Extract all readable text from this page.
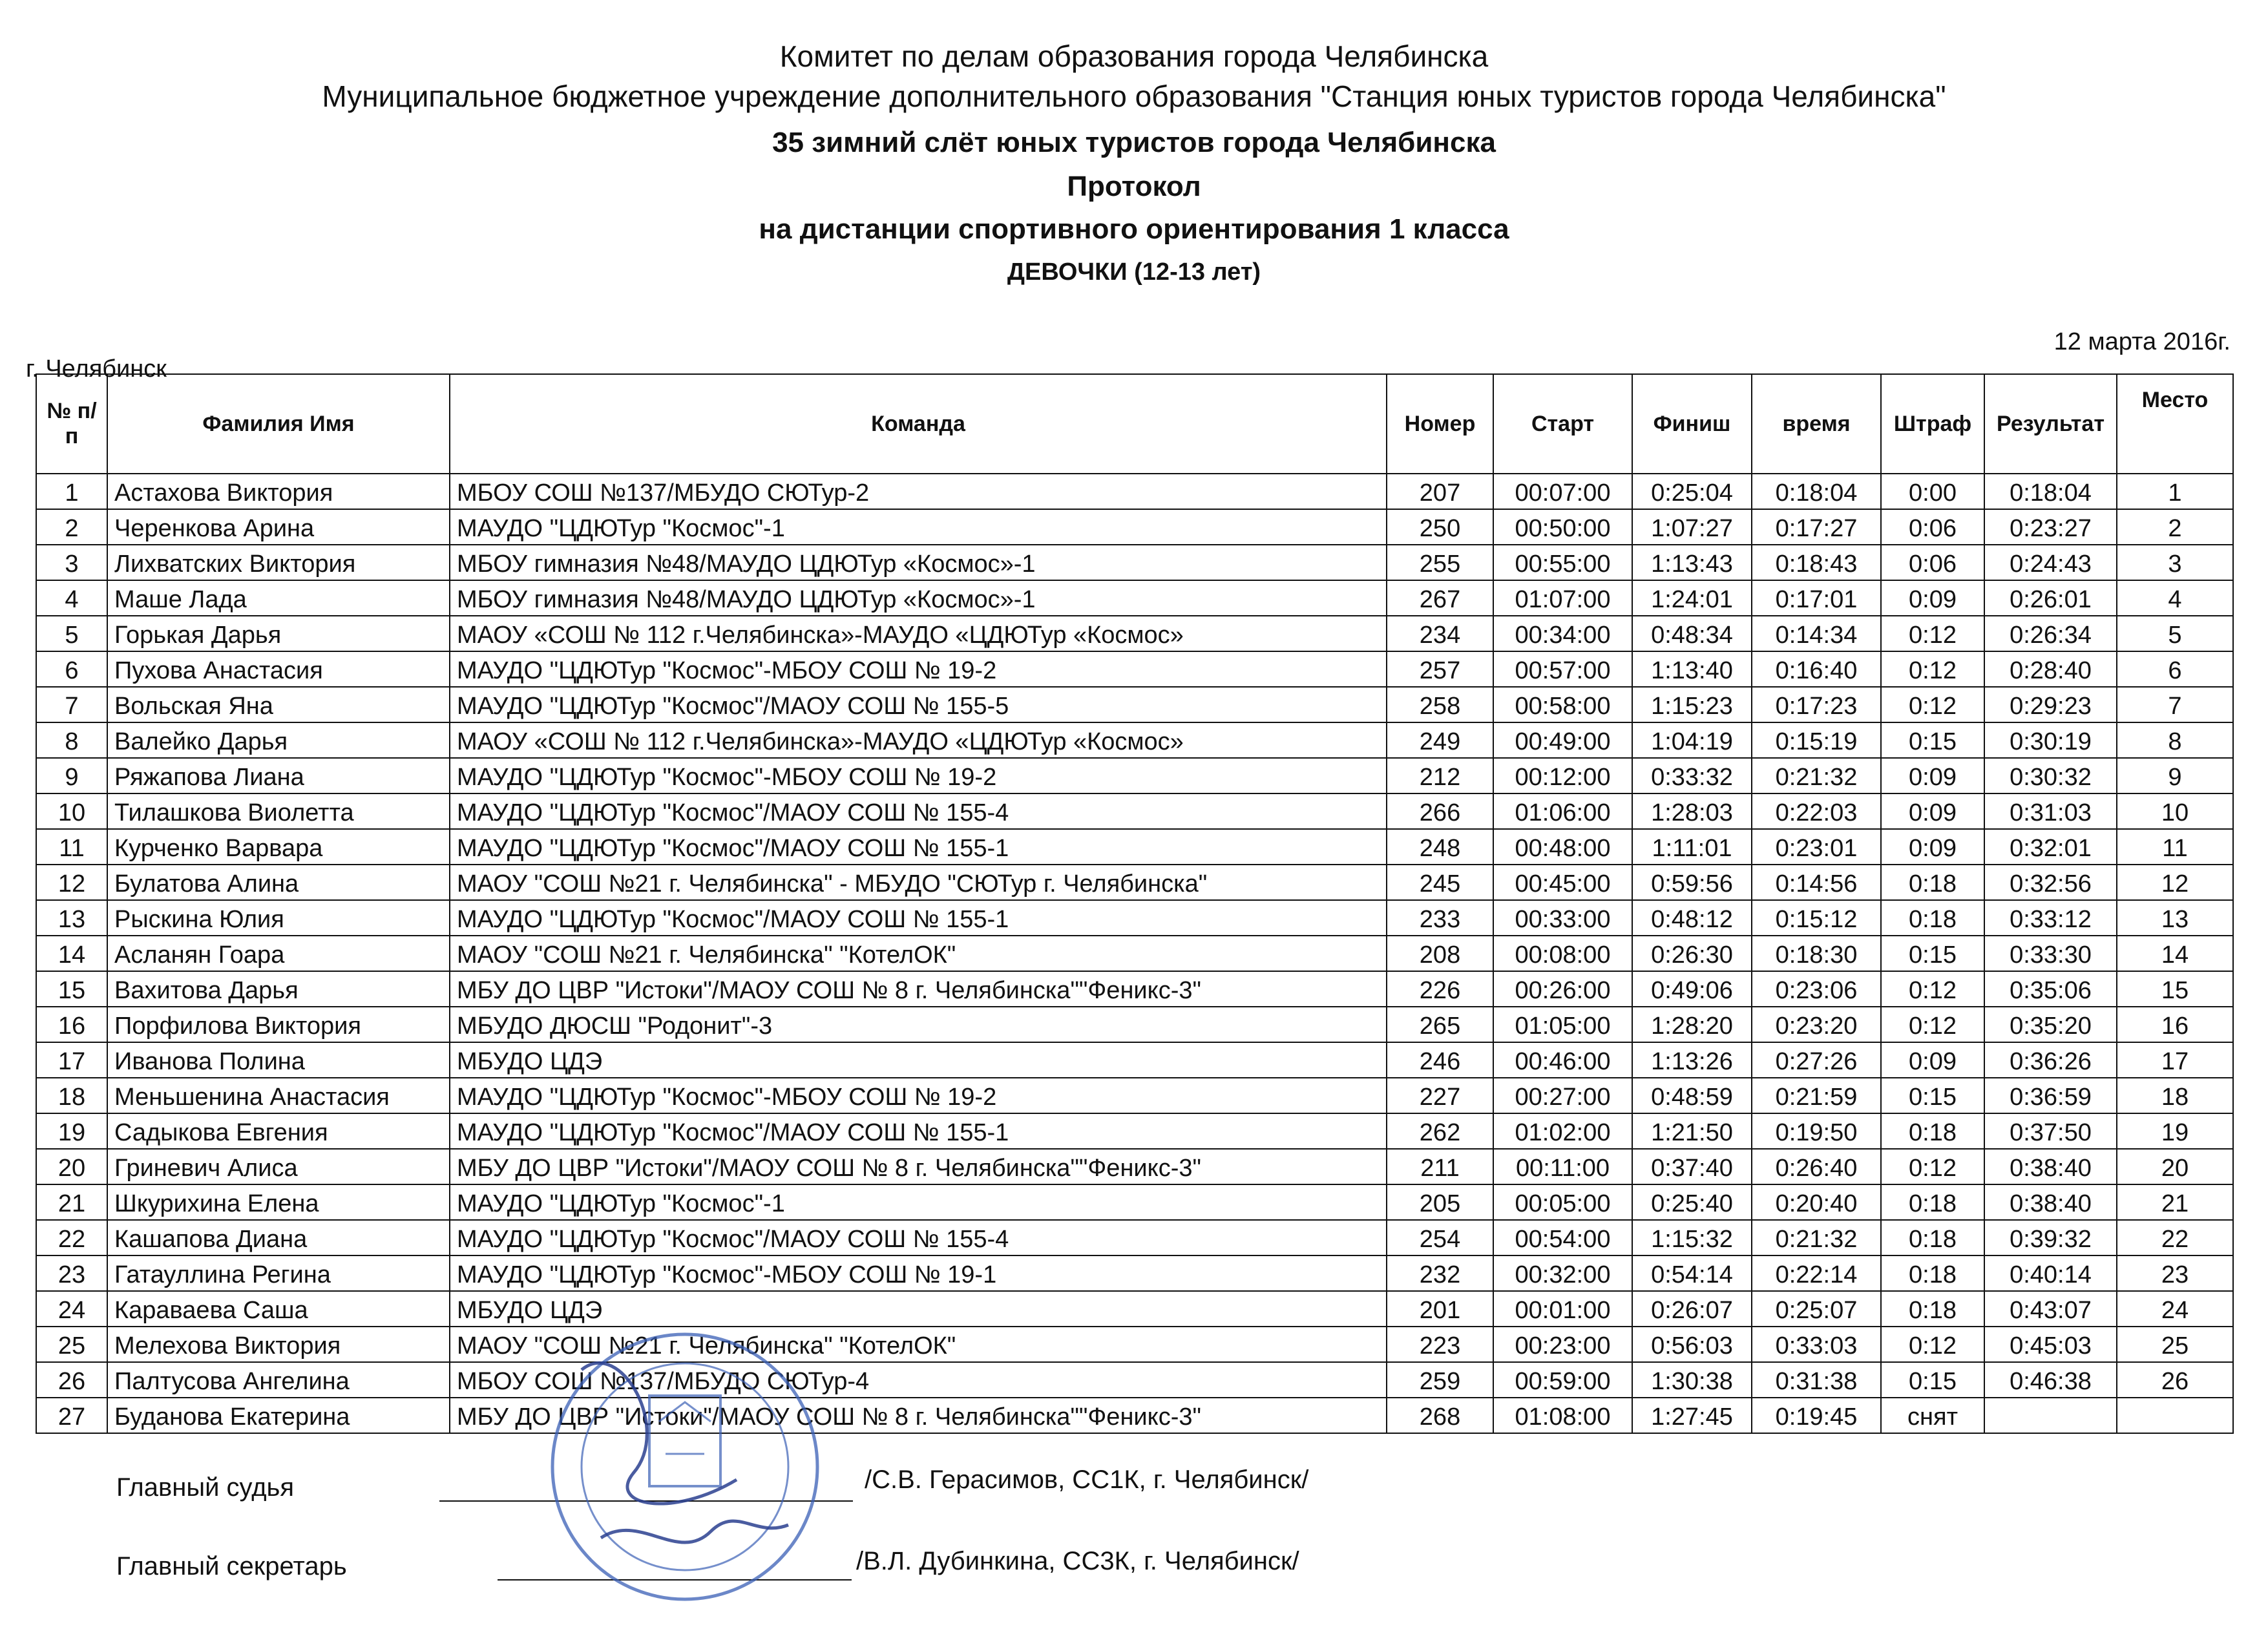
Комитет по делам образования города Челябинска
Муниципальное бюджетное учреждение дополнительного образования "Станция юных туристов города Челябинска"
35 зимний слёт юных туристов города Челябинска
Протокол
на дистанции спортивного ориентирования 1 класса
ДЕВОЧКИ (12-13 лет)
г. Челябинск
12 марта 2016г.
№ п/п	Фамилия Имя	Команда	Номер	Старт	Финиш	время	Штраф	Результат	Место
1	Астахова Виктория	МБОУ СОШ №137/МБУДО СЮТур-2	207	00:07:00	0:25:04	0:18:04	0:00	0:18:04	1
2	Черенкова Арина	МАУДО "ЦДЮТур "Космос"-1	250	00:50:00	1:07:27	0:17:27	0:06	0:23:27	2
3	Лихватских Виктория	МБОУ гимназия №48/МАУДО ЦДЮТур «Космос»-1	255	00:55:00	1:13:43	0:18:43	0:06	0:24:43	3
4	Маше Лада	МБОУ гимназия №48/МАУДО ЦДЮТур «Космос»-1	267	01:07:00	1:24:01	0:17:01	0:09	0:26:01	4
5	Горькая Дарья	МАОУ «СОШ № 112 г.Челябинска»-МАУДО «ЦДЮТур «Космос»	234	00:34:00	0:48:34	0:14:34	0:12	0:26:34	5
6	Пухова Анастасия	МАУДО "ЦДЮТур "Космос"-МБОУ СОШ № 19-2	257	00:57:00	1:13:40	0:16:40	0:12	0:28:40	6
7	Вольская Яна	МАУДО "ЦДЮТур "Космос"/МАОУ СОШ № 155-5	258	00:58:00	1:15:23	0:17:23	0:12	0:29:23	7
8	Валейко Дарья	МАОУ «СОШ № 112 г.Челябинска»-МАУДО «ЦДЮТур «Космос»	249	00:49:00	1:04:19	0:15:19	0:15	0:30:19	8
9	Ряжапова Лиана	МАУДО "ЦДЮТур "Космос"-МБОУ СОШ № 19-2	212	00:12:00	0:33:32	0:21:32	0:09	0:30:32	9
10	Тилашкова Виолетта	МАУДО "ЦДЮТур "Космос"/МАОУ СОШ № 155-4	266	01:06:00	1:28:03	0:22:03	0:09	0:31:03	10
11	Курченко Варвара	МАУДО "ЦДЮТур "Космос"/МАОУ СОШ № 155-1	248	00:48:00	1:11:01	0:23:01	0:09	0:32:01	11
12	Булатова Алина	МАОУ "СОШ №21 г. Челябинска" - МБУДО "СЮТур г. Челябинска"	245	00:45:00	0:59:56	0:14:56	0:18	0:32:56	12
13	Рыскина Юлия	МАУДО "ЦДЮТур "Космос"/МАОУ СОШ № 155-1	233	00:33:00	0:48:12	0:15:12	0:18	0:33:12	13
14	Асланян Гоара	МАОУ "СОШ №21 г. Челябинска" "КотелОК"	208	00:08:00	0:26:30	0:18:30	0:15	0:33:30	14
15	Вахитова Дарья	МБУ ДО ЦВР "Истоки"/МАОУ СОШ № 8 г. Челябинска""Феникс-3"	226	00:26:00	0:49:06	0:23:06	0:12	0:35:06	15
16	Порфилова Виктория	МБУДО ДЮСШ "Родонит"-3	265	01:05:00	1:28:20	0:23:20	0:12	0:35:20	16
17	Иванова Полина	МБУДО ЦДЭ	246	00:46:00	1:13:26	0:27:26	0:09	0:36:26	17
18	Меньшенина Анастасия	МАУДО "ЦДЮТур "Космос"-МБОУ СОШ № 19-2	227	00:27:00	0:48:59	0:21:59	0:15	0:36:59	18
19	Садыкова Евгения	МАУДО "ЦДЮТур "Космос"/МАОУ СОШ № 155-1	262	01:02:00	1:21:50	0:19:50	0:18	0:37:50	19
20	Гриневич Алиса	МБУ ДО ЦВР "Истоки"/МАОУ СОШ № 8 г. Челябинска""Феникс-3"	211	00:11:00	0:37:40	0:26:40	0:12	0:38:40	20
21	Шкурихина Елена	МАУДО "ЦДЮТур "Космос"-1	205	00:05:00	0:25:40	0:20:40	0:18	0:38:40	21
22	Кашапова Диана	МАУДО "ЦДЮТур "Космос"/МАОУ СОШ № 155-4	254	00:54:00	1:15:32	0:21:32	0:18	0:39:32	22
23	Гатауллина Регина	МАУДО "ЦДЮТур "Космос"-МБОУ СОШ № 19-1	232	00:32:00	0:54:14	0:22:14	0:18	0:40:14	23
24	Караваева Саша	МБУДО ЦДЭ	201	00:01:00	0:26:07	0:25:07	0:18	0:43:07	24
25	Мелехова Виктория	МАОУ "СОШ №21 г. Челябинска" "КотелОК"	223	00:23:00	0:56:03	0:33:03	0:12	0:45:03	25
26	Палтусова Ангелина	МБОУ СОШ №137/МБУДО СЮТур-4	259	00:59:00	1:30:38	0:31:38	0:15	0:46:38	26
27	Буданова Екатерина	МБУ ДО ЦВР "Истоки"/МАОУ СОШ № 8 г. Челябинска""Феникс-3"	268	01:08:00	1:27:45	0:19:45	снят		
Главный судья	/С.В. Герасимов, СС1К, г. Челябинск/
Главный секретарь	/В.Л. Дубинкина, СС3К, г. Челябинск/
